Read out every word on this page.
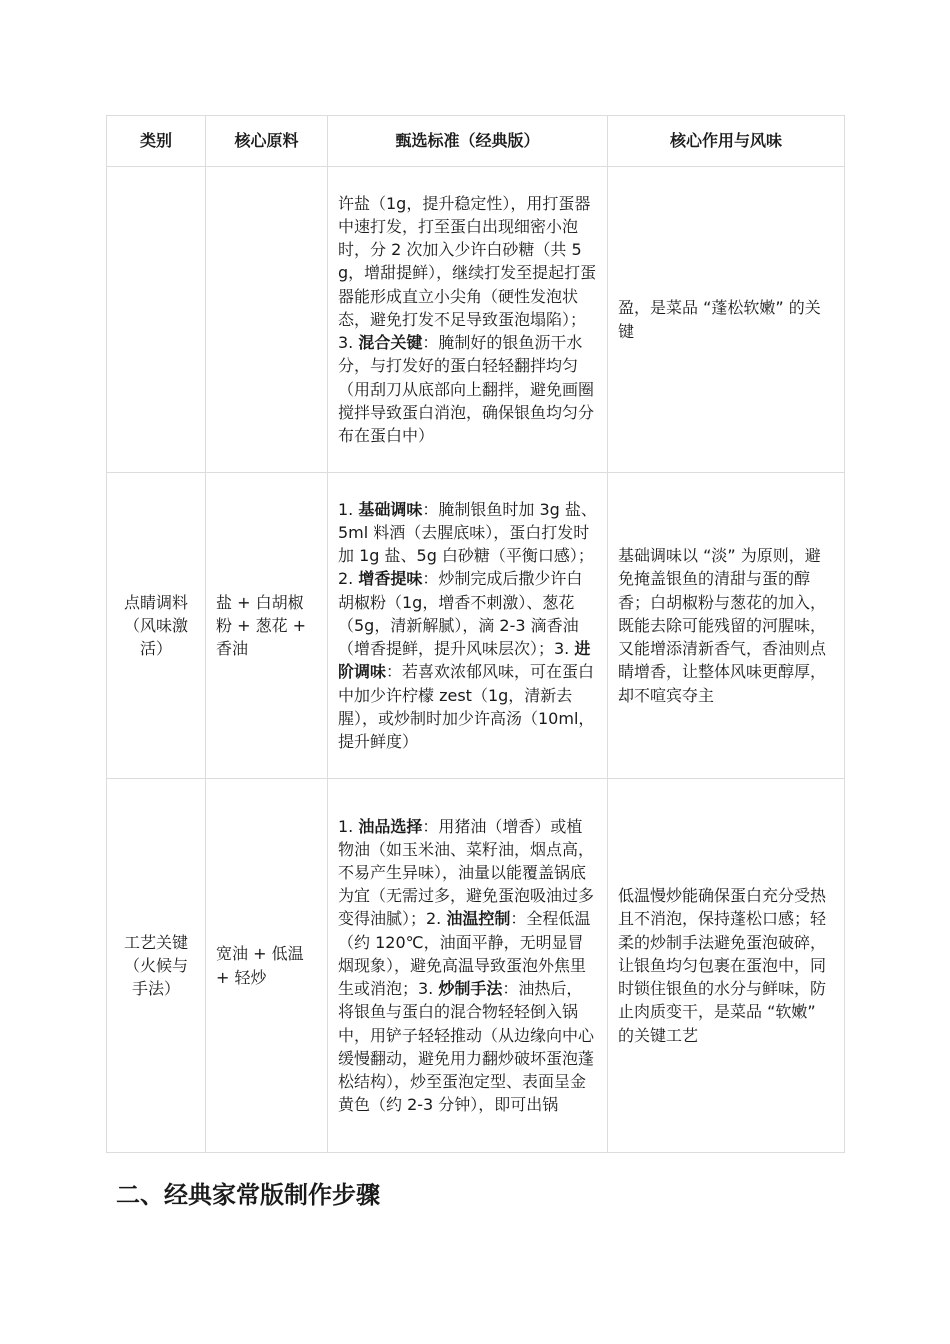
类别	核心原料	甄选标准（经典版）	核心作用与风味
		许盐（1g，提升稳定性），用打蛋器中速打发，打至蛋白出现细密小泡时，分 2 次加入少许白砂糖（共 5g，增甜提鲜），继续打发至提起打蛋器能形成直立小尖角（硬性发泡状态，避免打发不足导致蛋泡塌陷）；3. 混合关键：腌制好的银鱼沥干水分，与打发好的蛋白轻轻翻拌均匀（用刮刀从底部向上翻拌，避免画圈搅拌导致蛋白消泡，确保银鱼均匀分布在蛋白中）	盈，是菜品 “蓬松软嫩” 的关键
点睛调料（风味激活）	盐 + 白胡椒粉 + 葱花 + 香油	1. 基础调味：腌制银鱼时加 3g 盐、5ml 料酒（去腥底味），蛋白打发时加 1g 盐、5g 白砂糖（平衡口感）；2. 增香提味：炒制完成后撒少许白胡椒粉（1g，增香不刺激）、葱花（5g，清新解腻），滴 2-3 滴香油（增香提鲜，提升风味层次）；3. 进阶调味：若喜欢浓郁风味，可在蛋白中加少许柠檬 zest（1g，清新去腥），或炒制时加少许高汤（10ml，提升鲜度）	基础调味以 “淡” 为原则，避免掩盖银鱼的清甜与蛋的醇香；白胡椒粉与葱花的加入，既能去除可能残留的河腥味，又能增添清新香气，香油则点睛增香，让整体风味更醇厚，却不喧宾夺主
工艺关键（火候与手法）	宽油 + 低温 + 轻炒	1. 油品选择：用猪油（增香）或植物油（如玉米油、菜籽油，烟点高，不易产生异味），油量以能覆盖锅底为宜（无需过多，避免蛋泡吸油过多变得油腻）；2. 油温控制：全程低温（约 120℃，油面平静，无明显冒烟现象），避免高温导致蛋泡外焦里生或消泡；3. 炒制手法：油热后，将银鱼与蛋白的混合物轻轻倒入锅中，用铲子轻轻推动（从边缘向中心缓慢翻动，避免用力翻炒破坏蛋泡蓬松结构），炒至蛋泡定型、表面呈金黄色（约 2-3 分钟），即可出锅	低温慢炒能确保蛋白充分受热且不消泡，保持蓬松口感；轻柔的炒制手法避免蛋泡破碎，让银鱼均匀包裹在蛋泡中，同时锁住银鱼的水分与鲜味，防止肉质变干，是菜品 “软嫩” 的关键工艺
二、经典家常版制作步骤
